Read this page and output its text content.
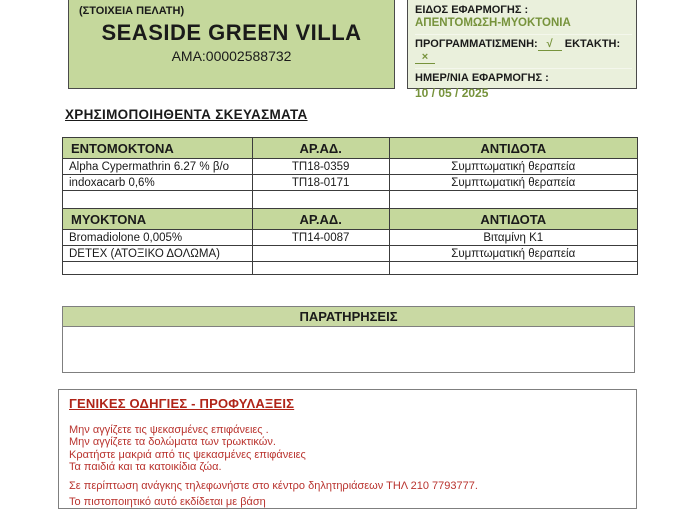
(ΣΤΟΙΧΕΙΑ ΠΕΛΑΤΗ)
SEASIDE GREEN VILLA
AMA:00002588732
ΕΙΔΟΣ ΕΦΑΡΜΟΓΗΣ :
ΑΠΕΝΤΟΜΩΣΗ-ΜΥΟΚΤΟΝΙΑ
ΠΡΟΓΡΑΜΜΑΤΙΣΜΕΝΗ: √ ΕΚΤΑΚΤΗ:×
ΗΜΕΡ/ΝΙΑ ΕΦΑΡΜΟΓΗΣ :
10 / 05 / 2025
ΧΡΗΣΙΜΟΠΟΙΗΘΕΝΤΑ ΣΚΕΥΑΣΜΑΤΑ
ΕΝΤΟΜΟΚΤΟΝΑ	ΑΡ.ΑΔ.	ΑΝΤΙΔΟΤΑ
Alpha Cypermathrin 6.27 % β/ο	ΤΠ18-0359	Συμπτωματική θεραπεία
indoxacarb 0,6%	ΤΠ18-0171	Συμπτωματική θεραπεία

ΜΥΟΚΤΟΝΑ	ΑΡ.ΑΔ.	ΑΝΤΙΔΟΤΑ
Bromadiolone 0,005%	ΤΠ14-0087	Βιταμίνη Κ1
DETEX (ΑΤΟΞΙΚΟ ΔΟΛΩΜΑ)		Συμπτωματική θεραπεία

ΠΑΡΑΤΗΡΗΣΕΙΣ
ΓΕΝΙΚΕΣ ΟΔΗΓΙΕΣ - ΠΡΟΦΥΛΑΞΕΙΣ
Μην αγγίζετε τις ψεκασμένες επιφάνειες .
Μην αγγίζετε τα δολώματα των τρωκτικών.
Κρατήστε μακριά από τις ψεκασμένες επιφάνειες
Τα παιδιά και τα κατοικίδια ζώα.
Σε περίπτωση ανάγκης τηλεφωνήστε στο κέντρο δηλητηριάσεων ΤΗΛ 210 7793777.
Το πιστοποιητικό αυτό εκδίδεται με βάση
